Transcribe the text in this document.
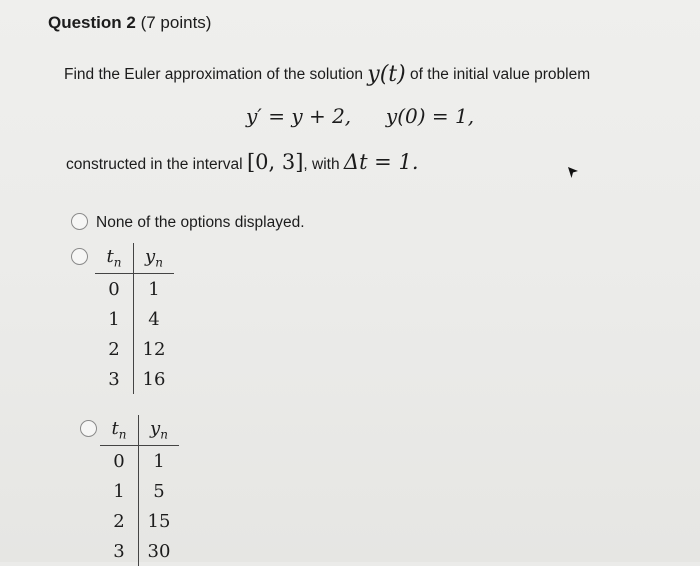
Question 2 (7 points)
Find the Euler approximation of the solution y(t) of the initial value problem
y′ = y + 2, y(0) = 1,
constructed in the interval [0, 3], with Δt = 1.
None of the options displayed.
$t_n$	$y_n$
0	1
1	4
2	12
3	16
$t_n$	$y_n$
0	1
1	5
2	15
3	30
